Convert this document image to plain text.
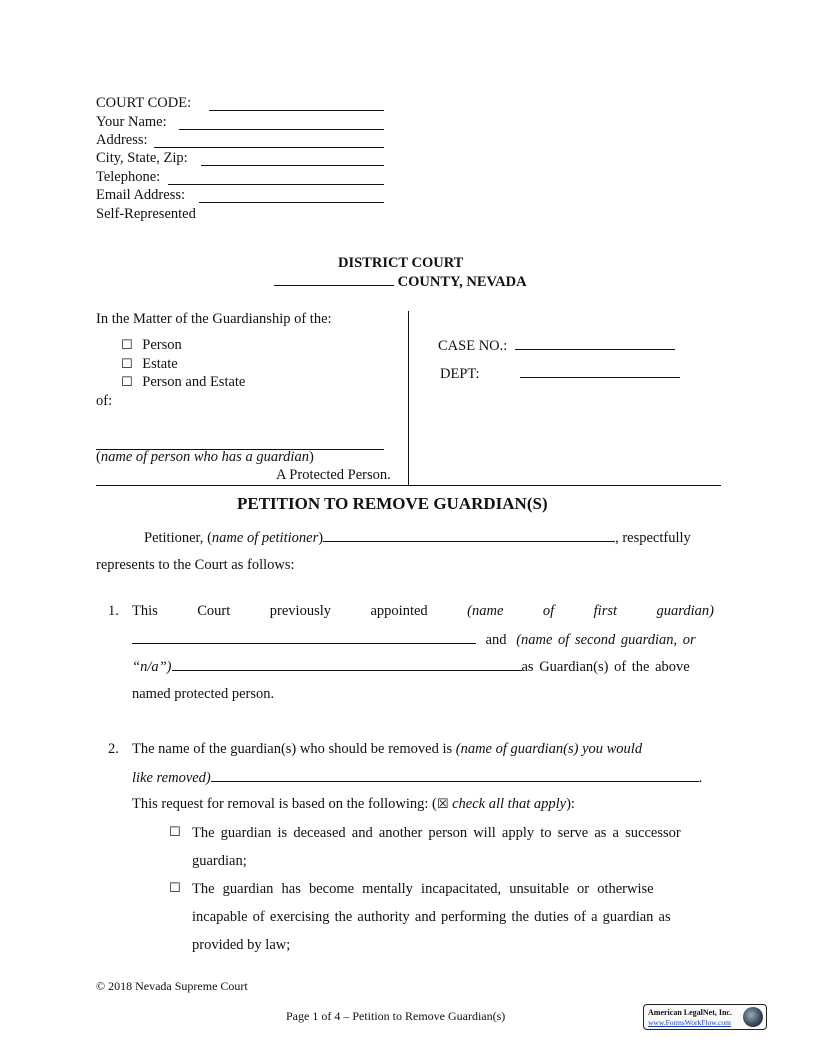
COURT CODE:
Your Name:
Address:
City, State, Zip:
Telephone:
Email Address:
Self-Represented
DISTRICT COURT
COUNTY, NEVADA
In the Matter of the Guardianship of the:
☐ Person
☐ Estate
☐ Person and Estate
of:
(name of person who has a guardian)
A Protected Person.
CASE NO.:
DEPT:
PETITION TO REMOVE GUARDIAN(S)
Petitioner, (name of petitioner)	, respectfully
represents to the Court as follows:
1. This	Court	previously	appointed	(name	of	first	guardian)
and (name of second guardian, or
“n/a”)	as Guardian(s) of the above
named protected person.
2. The name of the guardian(s) who should be removed is (name of guardian(s) you would
like removed)	.
This request for removal is based on the following: (☒ check all that apply):
☐ The guardian is deceased and another person will apply to serve as a successor
guardian;
☐ The guardian has become mentally incapacitated, unsuitable or otherwise
incapable of exercising the authority and performing the duties of a guardian as
provided by law;
© 2018 Nevada Supreme Court
Page 1 of 4 – Petition to Remove Guardian(s)	American LegalNet, Inc.
www.FormsWorkFlow.com
